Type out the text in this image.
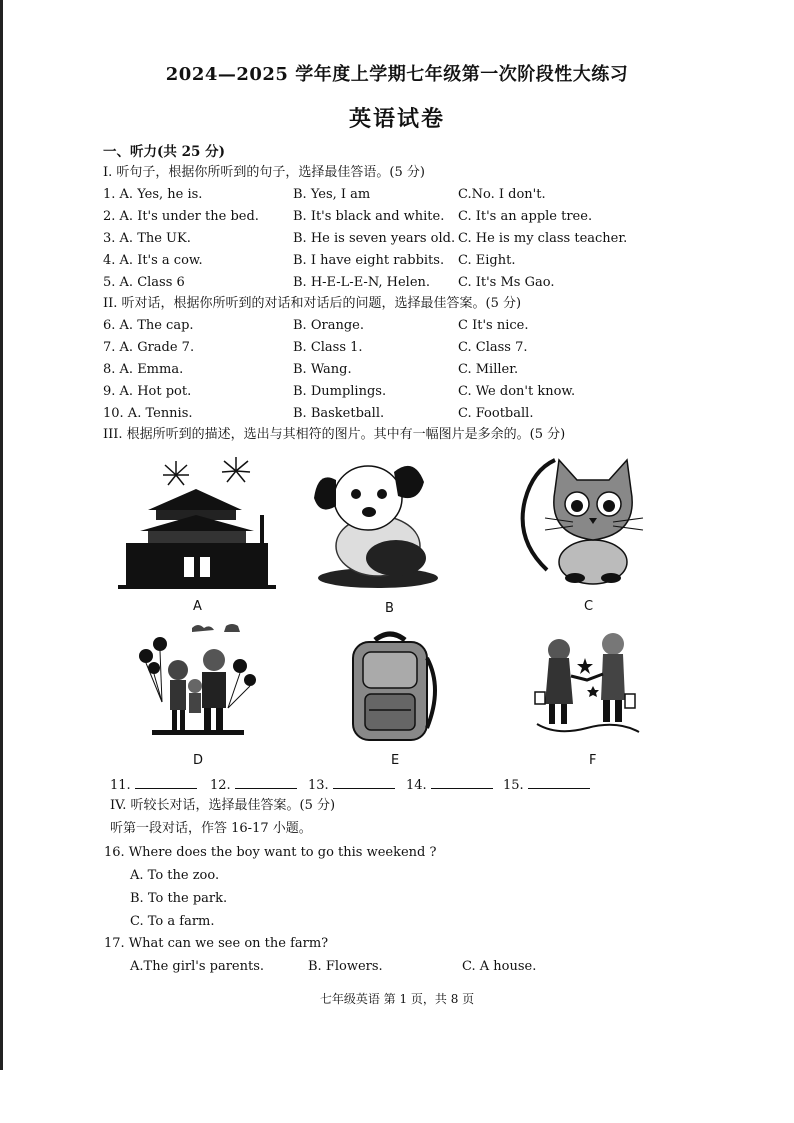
2024—2025 学年度上学期七年级第一次阶段性大练习
英语试卷
一、听力(共 25 分)
I. 听句子，根据你所听到的句子，选择最佳答语。(5 分)
1. A. Yes, he is.	B. Yes, I am	C.No. I don't.
2. A. It's under the bed.	B. It's black and white. C. It's an apple tree.
3. A. The UK.	B. He is seven years old. C. He is my class teacher.
4. A. It's a cow.	B. I have eight rabbits. C. Eight.
5. A. Class 6	B. H-E-L-E-N, Helen. C. It's Ms Gao.
II. 听对话，根据你所听到的对话和对话后的问题，选择最佳答案。(5 分)
6. A. The cap.	B. Orange.	C It's nice.
7. A. Grade 7.	B. Class 1.	C. Class 7.
8. A. Emma.	B. Wang.	C. Miller.
9. A. Hot pot.	B. Dumplings.	C. We don't know.
10. A. Tennis.	B. Basketball.	C. Football.
III. 根据所听到的描述，选出与其相符的图片。其中有一幅图片是多余的。(5 分)
A	B	C
D	E	F
11.	12.	13.	14.	15.
IV. 听较长对话，选择最佳答案。(5 分)
听第一段对话，作答 16-17 小题。
16. Where does the boy want to go this weekend ?
A. To the zoo.
B. To the park.
C. To a farm.
17. What can we see on the farm?
A.The girl's parents.	B. Flowers.	C. A house.
七年级英语 第 1 页，共 8 页
